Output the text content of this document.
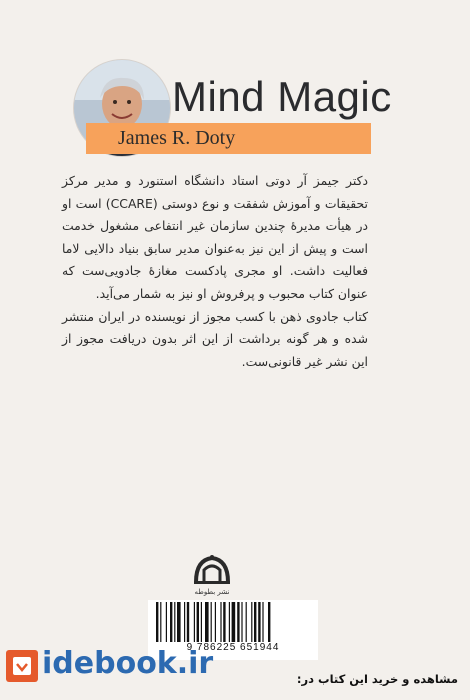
Mind Magic
James R. Doty

دکتر جیمز آر دوتی استاد دانشگاه استنورد و مدیر مرکز تحقیقات و آموزش شفقت و نوع دوستی (CCARE) است او در هیأت مدیرهٔ چندین سازمان غیر انتفاعی مشغول خدمت است و پیش از این نیز به‌عنوان مدیر سابق بنیاد دالایی لاما فعالیت داشت. او مجری پادکست مغازهٔ جادویی‌ست که عنوان کتاب محبوب و پرفروش او نیز به شمار می‌آید.

کتاب جادوی ذهن با کسب مجوز از نویسنده در ایران منتشر شده و هر گونه برداشت از این اثر بدون دریافت مجوز از این نشر غیر قانونی‌ست.

نشر بطوطه
9 786225 651944
idebook.ir	مشاهده و خرید این کتاب در:
